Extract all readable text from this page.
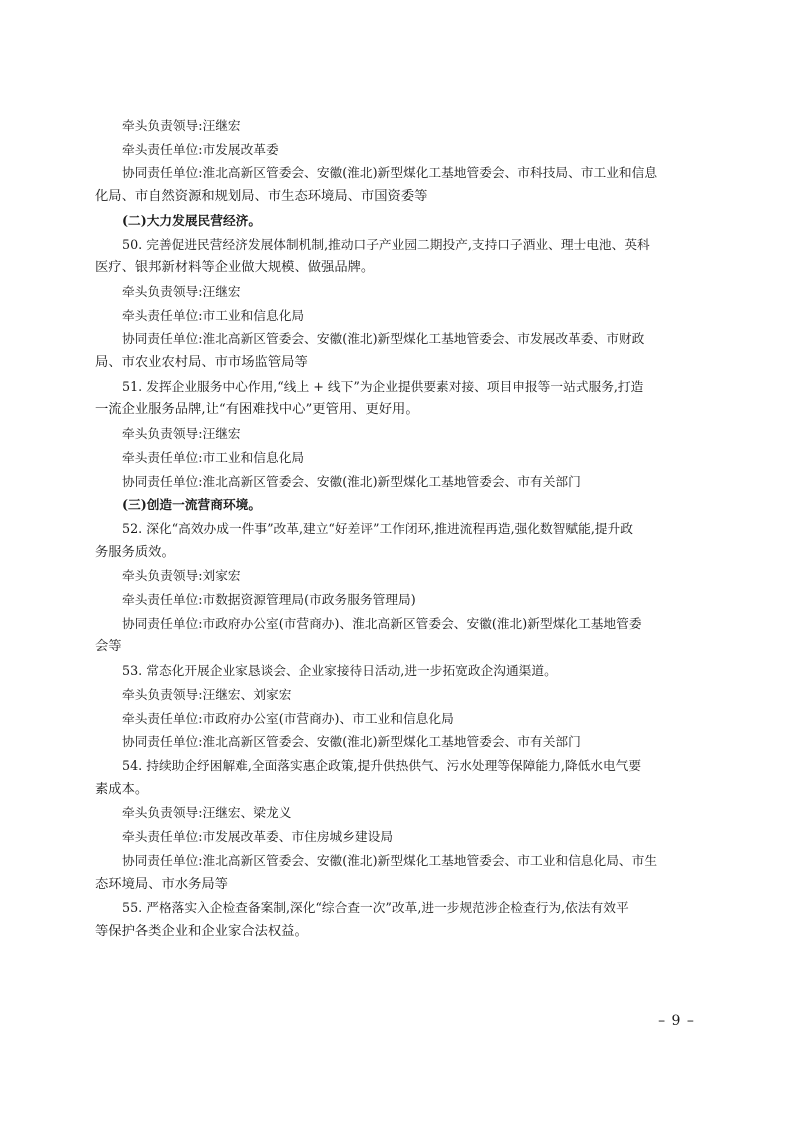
牵头负责领导:汪继宏
牵头责任单位:市发展改革委
协同责任单位:淮北高新区管委会、安徽(淮北)新型煤化工基地管委会、市科技局、市工业和信息
化局、市自然资源和规划局、市生态环境局、市国资委等
(二)大力发展民营经济。
50. 完善促进民营经济发展体制机制,推动口子产业园二期投产,支持口子酒业、理士电池、英科
医疗、银邦新材料等企业做大规模、做强品牌。
牵头负责领导:汪继宏
牵头责任单位:市工业和信息化局
协同责任单位:淮北高新区管委会、安徽(淮北)新型煤化工基地管委会、市发展改革委、市财政
局、市农业农村局、市市场监管局等
51. 发挥企业服务中心作用,“线上 + 线下”为企业提供要素对接、项目申报等一站式服务,打造
一流企业服务品牌,让“有困难找中心”更管用、更好用。
牵头负责领导:汪继宏
牵头责任单位:市工业和信息化局
协同责任单位:淮北高新区管委会、安徽(淮北)新型煤化工基地管委会、市有关部门
(三)创造一流营商环境。
52. 深化“高效办成一件事”改革,建立“好差评”工作闭环,推进流程再造,强化数智赋能,提升政
务服务质效。
牵头负责领导:刘家宏
牵头责任单位:市数据资源管理局(市政务服务管理局)
协同责任单位:市政府办公室(市营商办)、淮北高新区管委会、安徽(淮北)新型煤化工基地管委
会等
53. 常态化开展企业家恳谈会、企业家接待日活动,进一步拓宽政企沟通渠道。
牵头负责领导:汪继宏、刘家宏
牵头责任单位:市政府办公室(市营商办)、市工业和信息化局
协同责任单位:淮北高新区管委会、安徽(淮北)新型煤化工基地管委会、市有关部门
54. 持续助企纾困解难,全面落实惠企政策,提升供热供气、污水处理等保障能力,降低水电气要
素成本。
牵头负责领导:汪继宏、梁龙义
牵头责任单位:市发展改革委、市住房城乡建设局
协同责任单位:淮北高新区管委会、安徽(淮北)新型煤化工基地管委会、市工业和信息化局、市生
态环境局、市水务局等
55. 严格落实入企检查备案制,深化“综合查一次”改革,进一步规范涉企检查行为,依法有效平
等保护各类企业和企业家合法权益。
– 9 –
